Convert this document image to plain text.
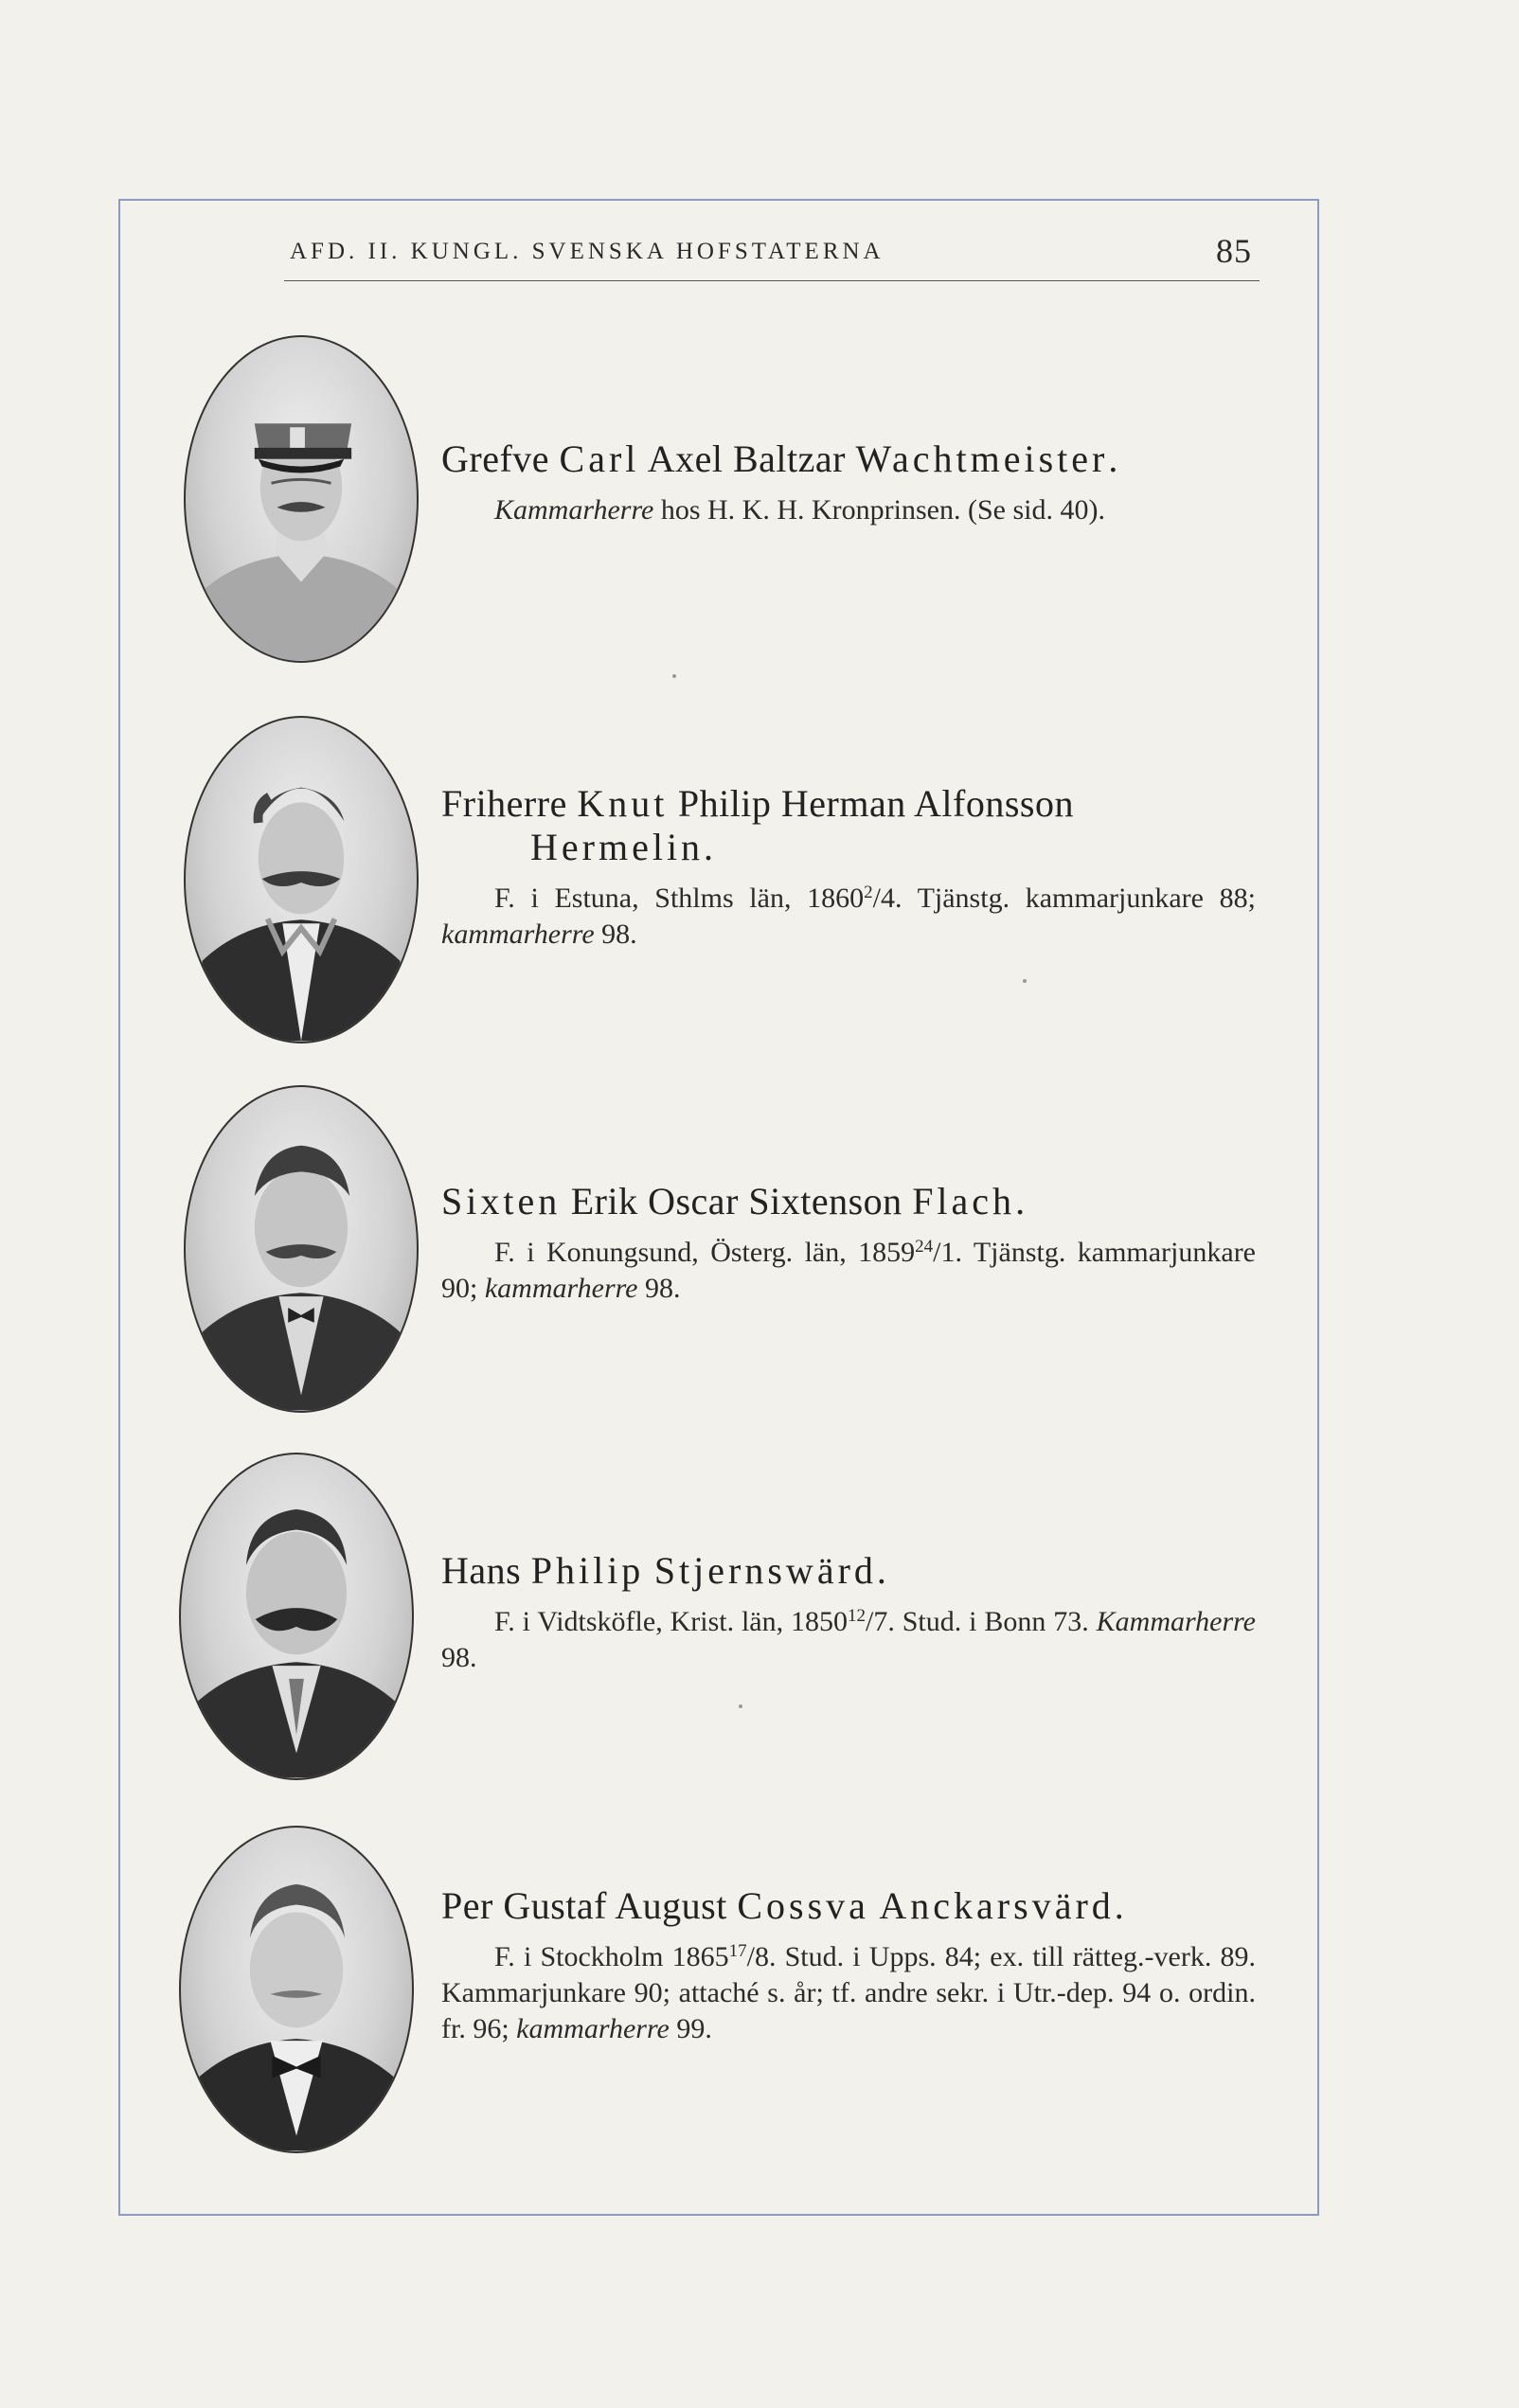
AFD. II. KUNGL. SVENSKA HOFSTATERNA	85
Grefve Carl Axel Baltzar Wachtmeister.
Kammarherre hos H. K. H. Kronprinsen. (Se sid. 40).
Friherre Knut Philip Herman Alfonsson
Hermelin.
F. i Estuna, Sthlms län, 1860$^2$/4. Tjänstg. kammarjunkare 88; kammarherre 98.
Sixten Erik Oscar Sixtenson Flach.
F. i Konungsund, Österg. län, 1859$^{24}$/1. Tjänstg. kammarjunkare 90; kammarherre 98.
Hans Philip Stjernswärd.
F. i Vidtsköfle, Krist. län, 1850$^{12}$/7. Stud. i Bonn 73. Kammarherre 98.
Per Gustaf August Cossva Anckarsvärd.
F. i Stockholm 1865$^{17}$/8. Stud. i Upps. 84; ex. till rätteg.-verk. 89. Kammarjunkare 90; attaché s. år; tf. andre sekr. i Utr.-dep. 94 o. ordin. fr. 96; kammarherre 99.
